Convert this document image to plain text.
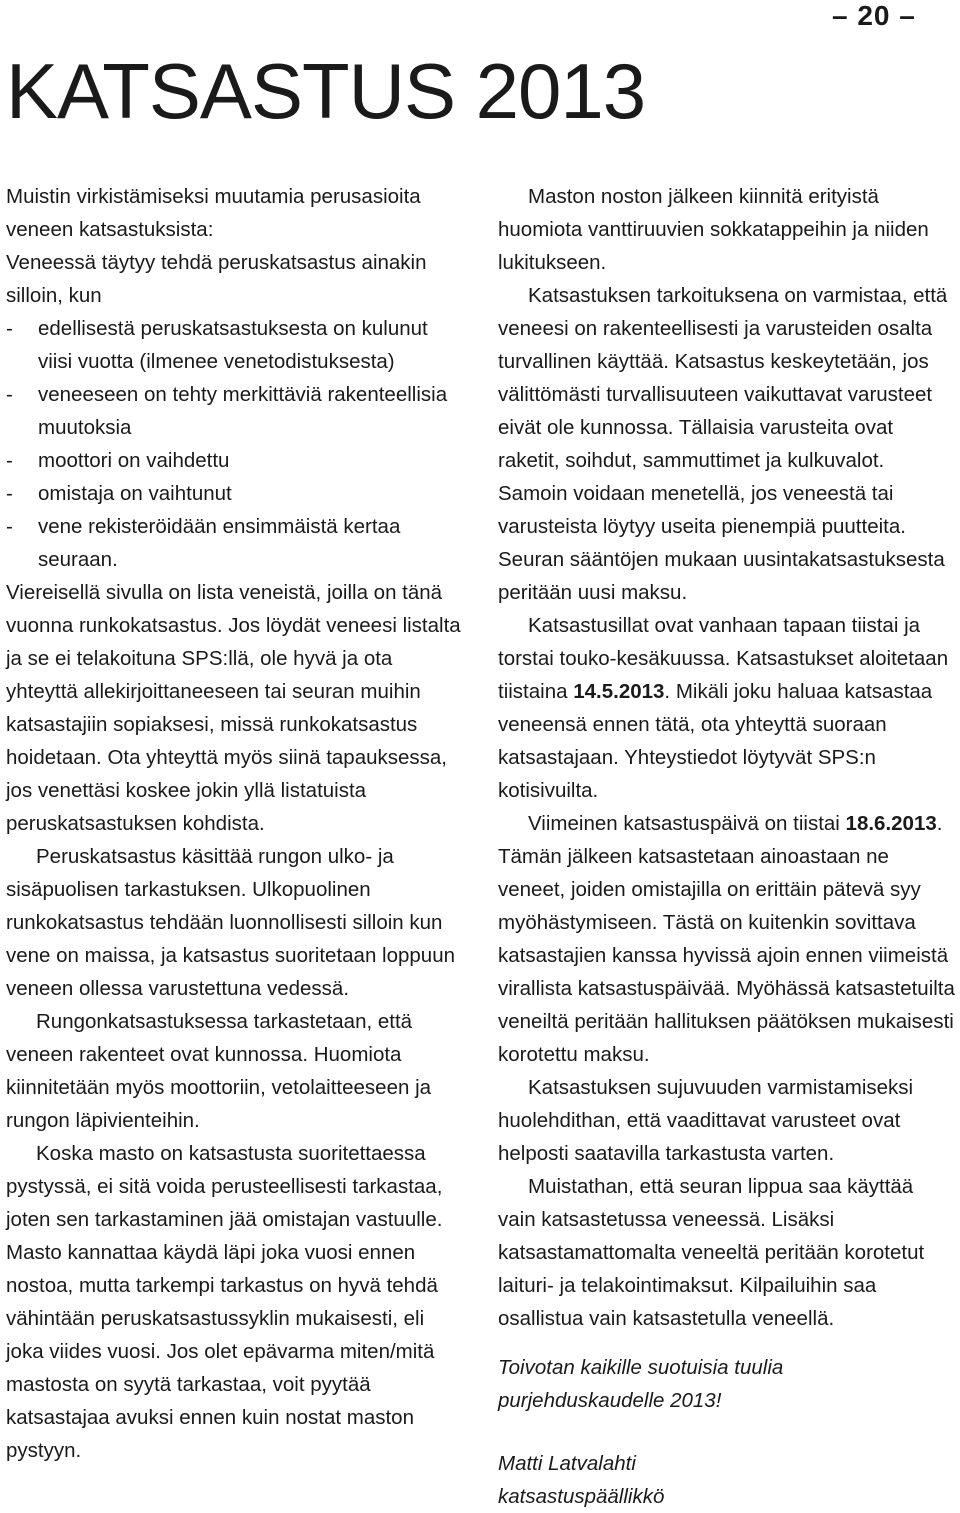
– 20 –
KATSASTUS 2013

Muistin virkistämiseksi muutamia perusasioita veneen katsastuksista:

Veneessä täytyy tehdä peruskatsastus ainakin silloin, kun

- edellisestä peruskatsastuksesta on kulunut viisi vuotta (ilmenee venetodistuksesta)
- veneeseen on tehty merkittäviä rakenteellisia muutoksia
- moottori on vaihdettu
- omistaja on vaihtunut
- vene rekisteröidään ensimmäistä kertaa seuraan.

Viereisellä sivulla on lista veneistä, joilla on tänä vuonna runkokatsastus. Jos löydät veneesi listalta ja se ei telakoituna SPS:llä, ole hyvä ja ota yhteyttä allekirjoittaneeseen tai seuran muihin katsastajiin sopiaksesi, missä runkokatsastus hoidetaan. Ota yhteyttä myös siinä tapauksessa, jos venettäsi koskee jokin yllä listatuista peruskatsastuksen kohdista.

Peruskatsastus käsittää rungon ulko- ja sisäpuolisen tarkastuksen. Ulkopuolinen runkokatsastus tehdään luonnollisesti silloin kun vene on maissa, ja katsastus suoritetaan loppuun veneen ollessa varustettuna vedessä.

Rungonkatsastuksessa tarkastetaan, että veneen rakenteet ovat kunnossa. Huomiota kiinnitetään myös moottoriin, vetolaitteeseen ja rungon läpivienteihin.

Koska masto on katsastusta suoritettaessa pystyssä, ei sitä voida perusteellisesti tarkastaa, joten sen tarkastaminen jää omistajan vastuulle. Masto kannattaa käydä läpi joka vuosi ennen nostoa, mutta tarkempi tarkastus on hyvä tehdä vähintään peruskatsastussyklin mukaisesti, eli joka viides vuosi. Jos olet epävarma miten/mitä mastosta on syytä tarkastaa, voit pyytää katsastajaa avuksi ennen kuin nostat maston pystyyn.

Maston noston jälkeen kiinnitä erityistä huomiota vanttiruuvien sokkatappeihin ja niiden lukitukseen.

Katsastuksen tarkoituksena on varmistaa, että veneesi on rakenteellisesti ja varusteiden osalta turvallinen käyttää. Katsastus keskeytetään, jos välittömästi turvallisuuteen vaikuttavat varusteet eivät ole kunnossa. Tällaisia varusteita ovat raketit, soihdut, sammuttimet ja kulkuvalot. Samoin voidaan menetellä, jos veneestä tai varusteista löytyy useita pienempiä puutteita. Seuran sääntöjen mukaan uusintakatsastuksesta peritään uusi maksu.

Katsastusillat ovat vanhaan tapaan tiistai ja torstai touko-kesäkuussa. Katsastukset aloitetaan tiistaina 14.5.2013. Mikäli joku haluaa katsastaa veneensä ennen tätä, ota yhteyttä suoraan katsastajaan. Yhteystiedot löytyvät SPS:n kotisivuilta.

Viimeinen katsastuspäivä on tiistai 18.6.2013. Tämän jälkeen katsastetaan ainoastaan ne veneet, joiden omistajilla on erittäin pätevä syy myöhästymiseen. Tästä on kuitenkin sovittava katsastajien kanssa hyvissä ajoin ennen viimeistä virallista katsastuspäivää. Myöhässä katsastetuilta veneiltä peritään hallituksen päätöksen mukaisesti korotettu maksu.

Katsastuksen sujuvuuden varmistamiseksi huolehdithan, että vaadittavat varusteet ovat helposti saatavilla tarkastusta varten.

Muistathan, että seuran lippua saa käyttää vain katsastetussa veneessä. Lisäksi katsastamattomalta veneeltä peritään korotetut laituri- ja telakointimaksut. Kilpailuihin saa osallistua vain katsastetulla veneellä.

Toivotan kaikille suotuisia tuulia

purjehduskaudelle 2013!

Matti Latvalahti

katsastuspäällikkö
